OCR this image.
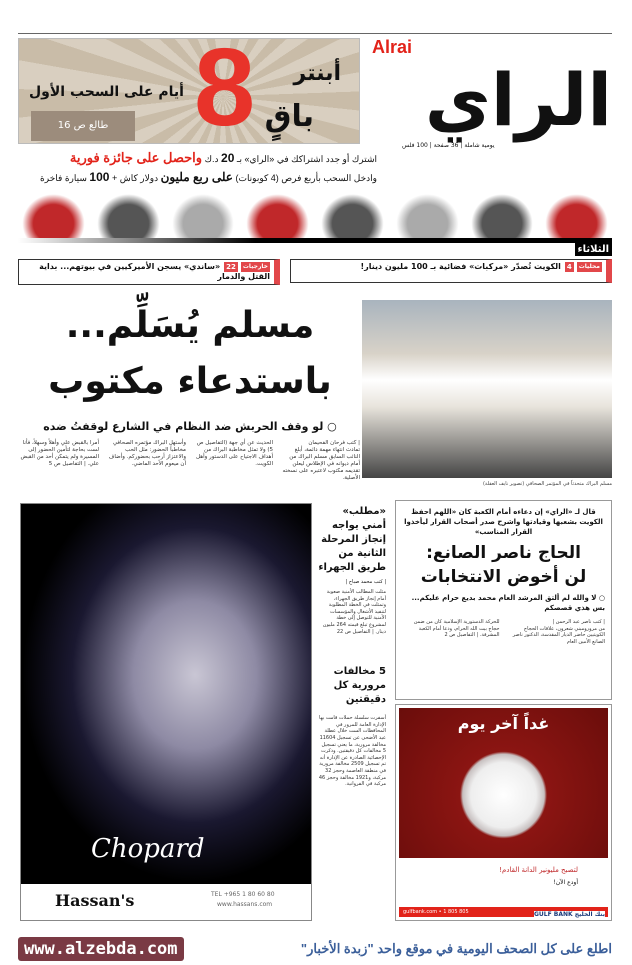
Alrai
الراي
يومية شاملة | 36 صفحة | 100 فلس
أبنتر
8 باقٍ
أيام على السحب الأول
طالع ص 16
اشترك أو جدد اشتراكك في «الراي» بـ 20 د.ك واحصل على جائزة فورية
وادخل السحب بأربع فرص (4 كوبونات) على ربع مليون دولار كاش + 100 سيارة فاخرة
الثلاثاء
محليات4الكويت تُصدّر «مركبات» فضائية بـ 100 مليون دينار!
خارجيات22«ساندي» يسجن الأميركيين في بيوتهم... بداية القتل والدمار
مسلم يُسَلِّم...
باستدعاء مكتوب
○ لو وقف الحربش ضد النظام في الشارع لوقفتُ ضده
| كتب فرحان الفحيمان
تمادت انتهاء مهمة دائمة، أبلغ النائب السابق مسلم البراك من أمام ديوانه في الإطلاس ليعلن تقديمه مكتوب لاعتبره على نسخته الأصلية.
الحديث عن أي جهة (التفاصيل ص 5) ولا تمثل مخاطبة البراك من أهداف الاجتياح على الدستور وأهل الكويت.
وأستهل البراك مؤتمره الصحافي مخاطباً الحضور: مثل الحب والاعتزاز أرحب بحضوركم. وأضاف أن ميعوم الأحد الماضي.
أمرا بالقبض علي وأهلاً وسهلاً، فأنا لست بحاجة لتأمين الحضور إلى المسيرة ولم يتمكن أحد من القبض علي. | التفاصيل ص 5
مسلم البراك متحدثاً في المؤتمر الصحافي (تصوير نايف العقلة)
Chopard
Hassan's	TEL +965 1 80 60 80
www.hassans.com
«مطلب» أمني يواجه إنجاز المرحلة الثانية من طريق الجهراء
| كتب محمد صباح |

مثلت المطالب الأمنية صعوبة أمام إنجاز طريق الجهراء، وتمثلت في الخطة المطلوبة لتنفيذ الأشغال والمؤسسات الأمنية للتوصل إلى خطة لمشروع تبلغ قيمته 264 مليون دينار. | التفاصيل ص 22

5 مخالفات مرورية كل دقيقتين

أسفرت سلسلة حملات قامت بها الإدارة العامة للمرور في المحافظات الست خلال عطلة عيد الأضحى عن تسجيل 11604 مخالفة مرورية، ما يعني تسجيل 5 مخالفات كل دقيقتين. وذكرت الإحصائية الصادرة عن الإدارة أنه تم تسجيل 2509 مخالفة مرورية في منطقة العاصمة وحجز 32 مركبة، و1921 مخالفة وحجز 46 مركبة في الفروانية.

قال لـ «الراي» إن دعاءه أمام الكعبة كان «اللهم احفظ الكويت بشعبها وقيادتها واشرح صدر أصحاب القرار ليأخذوا القرار المناسب»
الحاج ناصر الصانع:
لن أخوض الانتخابات
○ لا والله لم ألتق المرشد العام محمد بديع حرام عليكم... بس هذي قصصكم
| كتب ناصر عبد الرحمن |
من مرورومبني شعرون، علاقات الحجاج الكويتيين حاضر الديار المقدسة، الدكتور ناصر الصانع الأمين العام
للحركة الدستورية الإسلامية كان من ضمن حجاج بيت الله الحرام، ودعا أمام الكعبة المشرفة. | التفاصيل ص 2
غداً آخر يوم
لتصبح مليونير الدانة القادم!
أودع الآن!
gulfbank.com • 1 805 805	بنك الخليج GULF BANK
www.alzebda.com	اطلع على كل الصحف اليومية في موقع واحد "زبدة الأخبار"
